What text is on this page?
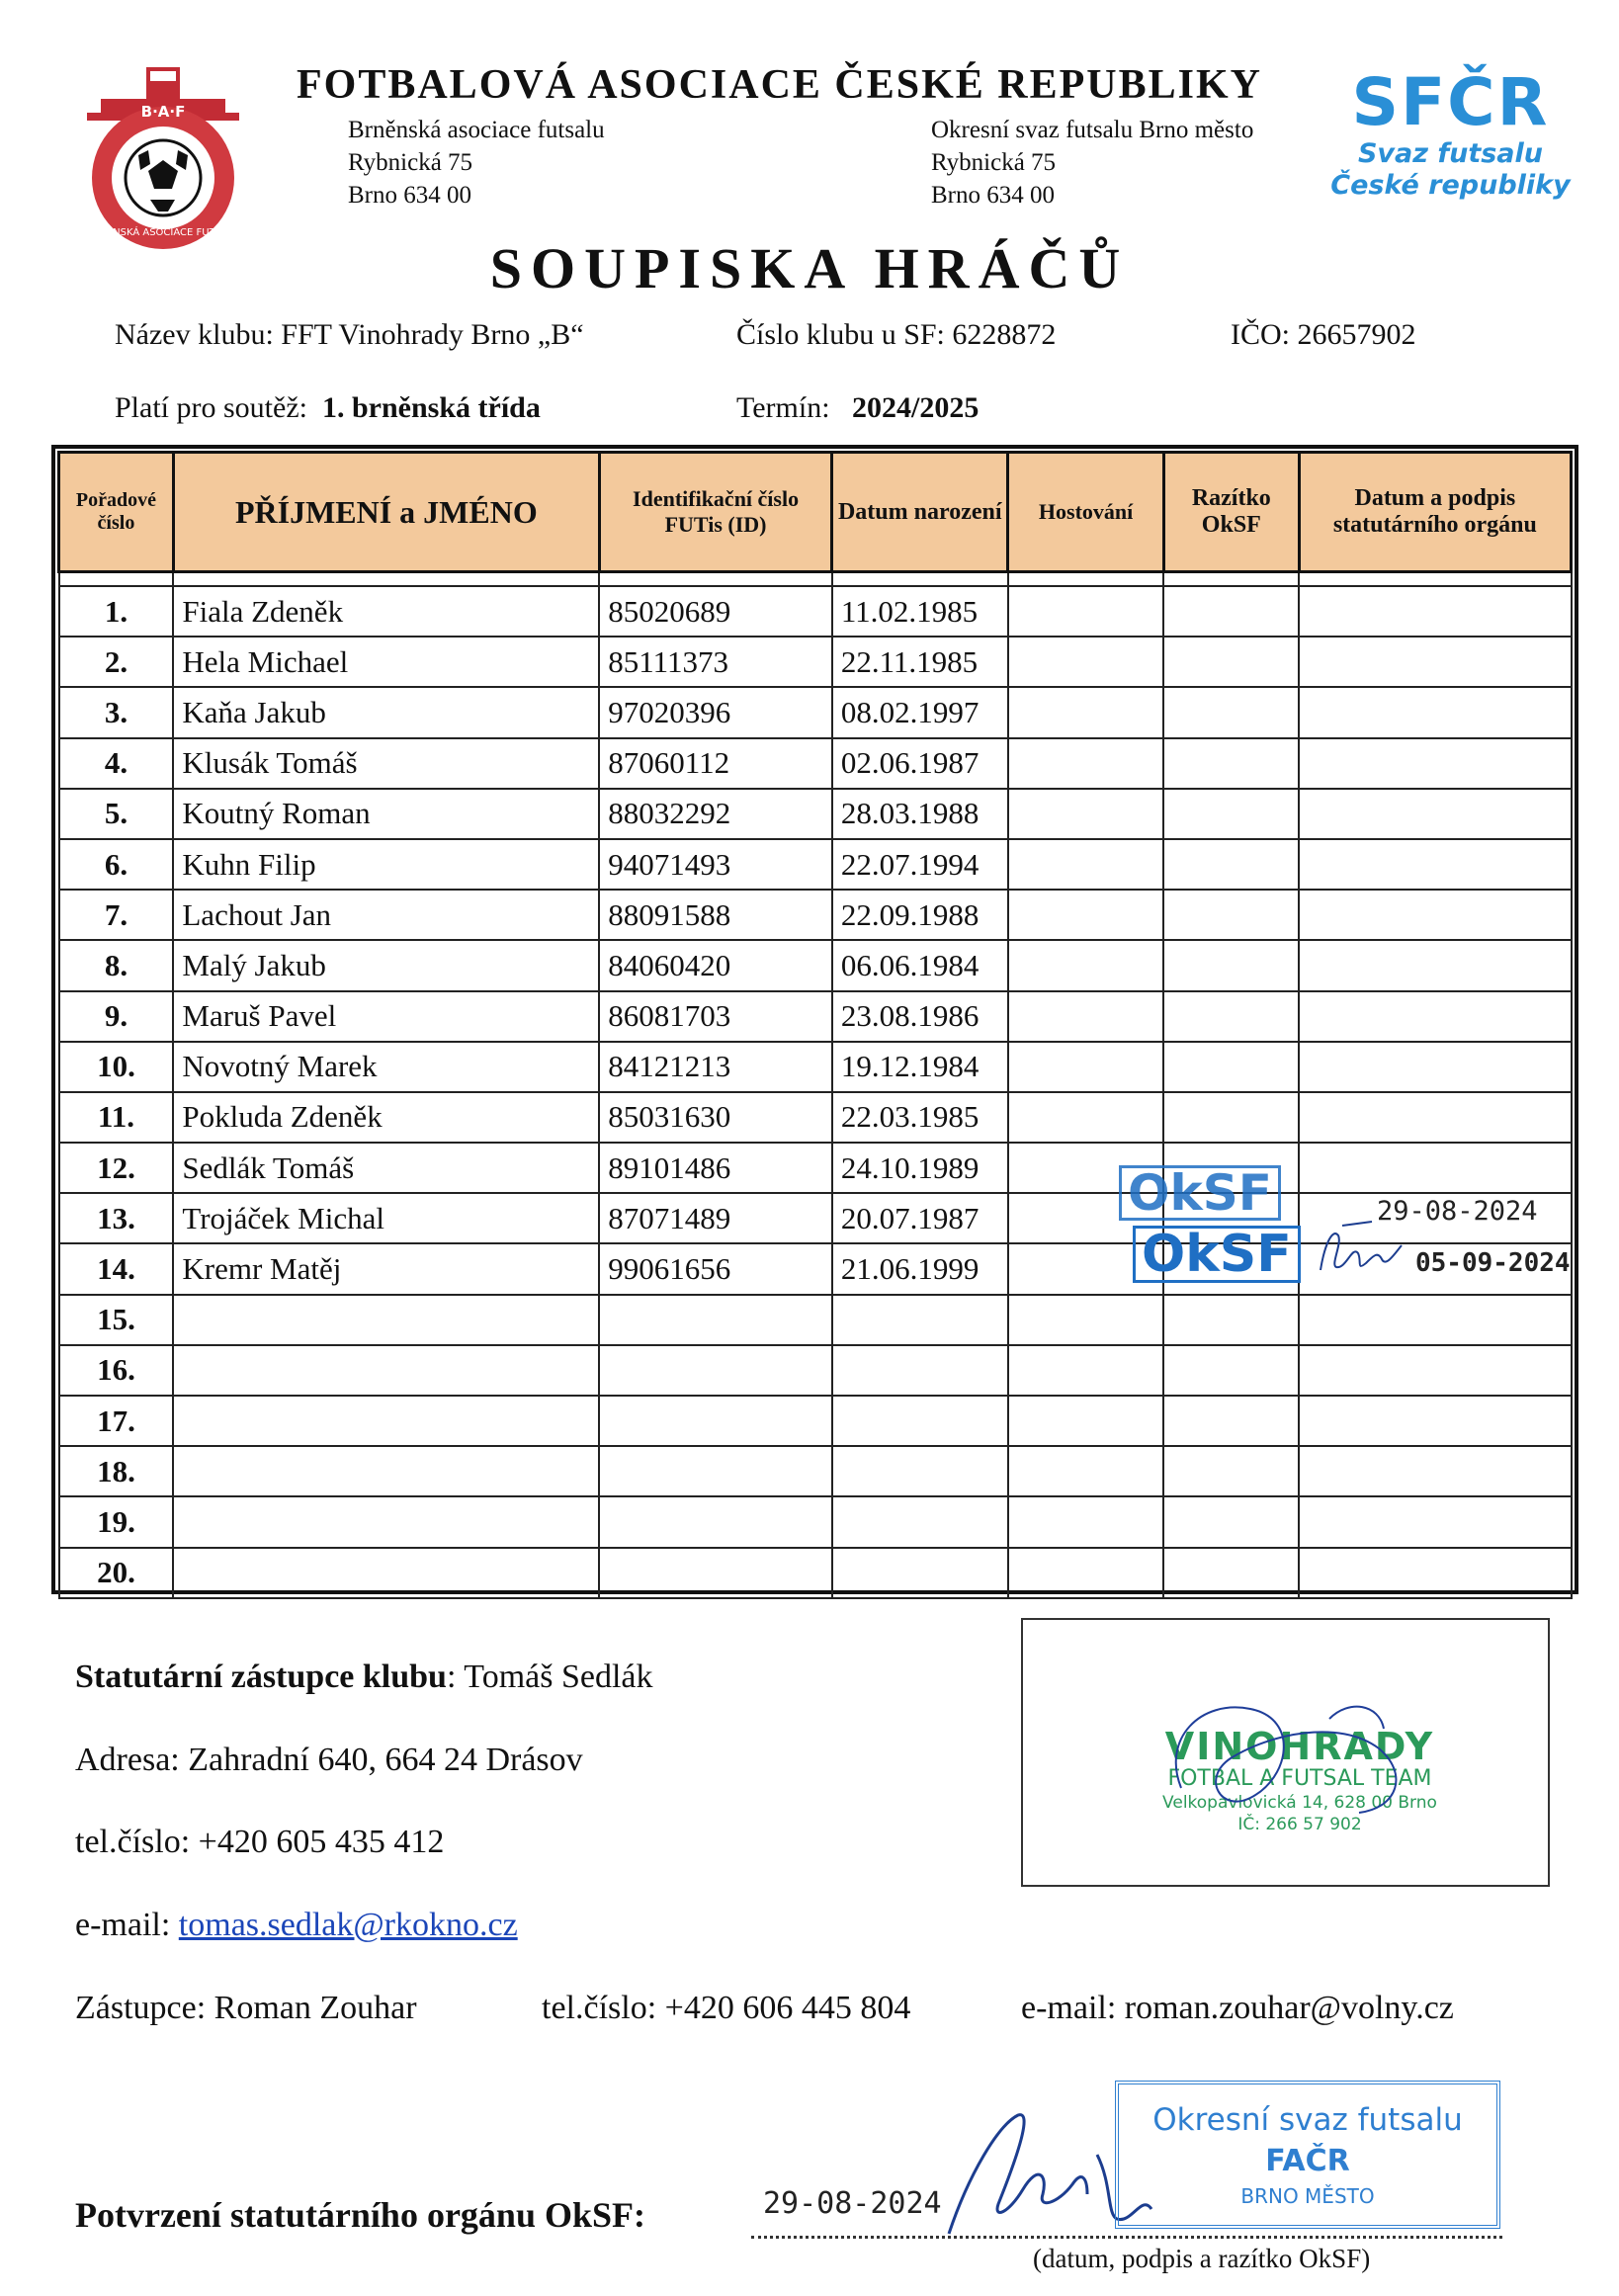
BRNĚNSKÁ ASOCIACE FUTSALU
B·A·F
FOTBALOVÁ ASOCIACE ČESKÉ REPUBLIKY
Brněnská asociace futsalu
Rybnická 75
Brno 634 00
Okresní svaz futsalu Brno město
Rybnická 75
Brno 634 00
SFČR
Svaz futsalu
České republiky
SOUPISKA HRÁČŮ
Název klubu: FFT Vinohrady Brno „B“	Číslo klubu u SF: 6228872	IČO: 26657902
Platí pro soutěž: 1. brněnská třída	Termín: 2024/2025
Pořadové číslo	PŘÍJMENÍ a JMÉNO	Identifikační číslo FUTis (ID)	Datum narození	Hostování	Razítko OkSF	Datum a podpis statutárního orgánu

1.	Fiala Zdeněk	85020689	11.02.1985			
2.	Hela Michael	85111373	22.11.1985			
3.	Kaňa Jakub	97020396	08.02.1997			
4.	Klusák Tomáš	87060112	02.06.1987			
5.	Koutný Roman	88032292	28.03.1988			
6.	Kuhn Filip	94071493	22.07.1994			
7.	Lachout Jan	88091588	22.09.1988			
8.	Malý Jakub	84060420	06.06.1984			
9.	Maruš Pavel	86081703	23.08.1986			
10.	Novotný Marek	84121213	19.12.1984			
11.	Pokluda Zdeněk	85031630	22.03.1985			
12.	Sedlák Tomáš	89101486	24.10.1989			
13.	Trojáček Michal	87071489	20.07.1987			
14.	Kremr Matěj	99061656	21.06.1999			
15.						
16.						
17.						
18.						
19.						
20.						
OkSF
OkSF
29-08-2024
05-09-2024
Statutární zástupce klubu: Tomáš Sedlák
Adresa: Zahradní 640, 664 24 Drásov
tel.číslo: +420 605 435 412
e-mail: tomas.sedlak@rkokno.cz
Zástupce: Roman Zouhar	tel.číslo: +420 606 445 804	e-mail: roman.zouhar@volny.cz
VINOHRADY
FOTBAL A FUTSAL TEAM
Velkopavlovická 14, 628 00 Brno
IČ: 266 57 902
Potvrzení statutárního orgánu OkSF:	29-08-2024
(datum, podpis a razítko OkSF)
Okresní svaz futsalu
FAČR
BRNO MĚSTO
